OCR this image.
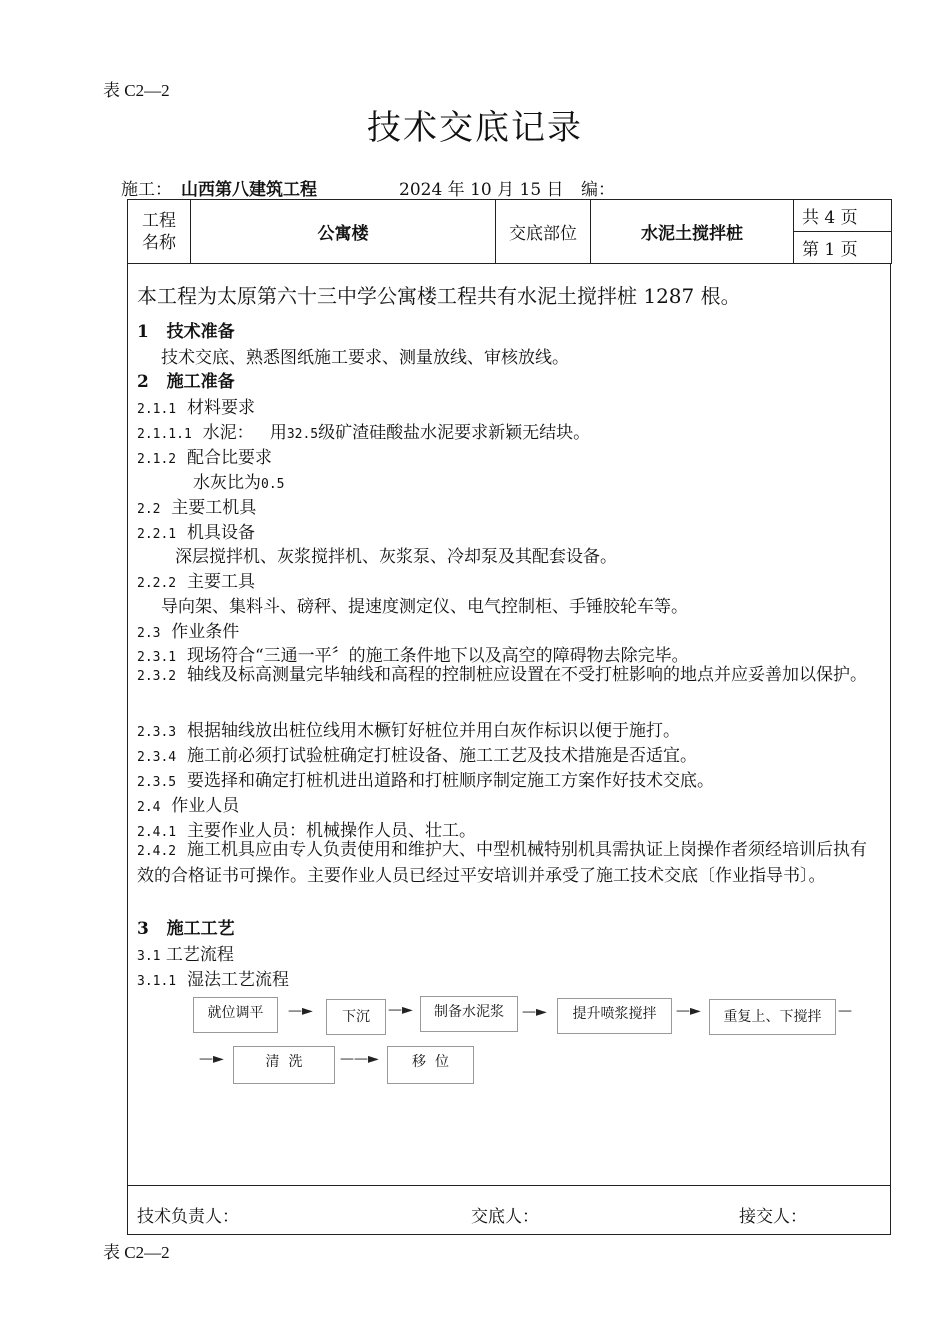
表 C2—2
技术交底记录
施工： 山西第八建筑工程	2024 年 10 月 15 日 编：
工程
名称	公寓楼	交底部位	水泥土搅拌桩	共 4 页
第 1 页
本工程为太原第六十三中学公寓楼工程共有水泥土搅拌桩 1287 根。
1 技术准备
技术交底、熟悉图纸施工要求、测量放线、审核放线。
2 施工准备
2.1.1 材料要求
2.1.1.1 水泥：   用32.5级矿渣硅酸盐水泥要求新颖无结块。
2.1.2 配合比要求
水灰比为0.5
2.2 主要工机具
2.2.1 机具设备
深层搅拌机、灰浆搅拌机、灰浆泵、冷却泵及其配套设备。
2.2.2 主要工具
导向架、集料斗、磅秤、提速度测定仪、电气控制柜、手锤胶轮车等。
2.3 作业条件
2.3.1 现场符合“三通一平〞的施工条件地下以及高空的障碍物去除完毕。
2.3.2 轴线及标高测量完毕轴线和高程的控制桩应设置在不受打桩影响的地点并应妥善加以保护。
2.3.3 根据轴线放出桩位线用木橛钉好桩位并用白灰作标识以便于施打。
2.3.4 施工前必须打试验桩确定打桩设备、施工工艺及技术措施是否适宜。
2.3.5 要选择和确定打桩机进出道路和打桩顺序制定施工方案作好技术交底。
2.4 作业人员
2.4.1 主要作业人员：机械操作人员、壮工。
2.4.2 施工机具应由专人负责使用和维护大、中型机械特别机具需执证上岗操作者须经培训后执有效的合格证书可操作。主要作业人员已经过平安培训并承受了施工技术交底〔作业指导书〕。
3 施工工艺
3.1 工艺流程
3.1.1 湿法工艺流程
就位调平	—►	下沉	—►	制备水泥浆	—►	提升喷浆搅拌	—►	重复上、下搅拌	—
—►	清  洗	——►	移  位
技术负责人：	交底人：	接交人：
表 C2—2
